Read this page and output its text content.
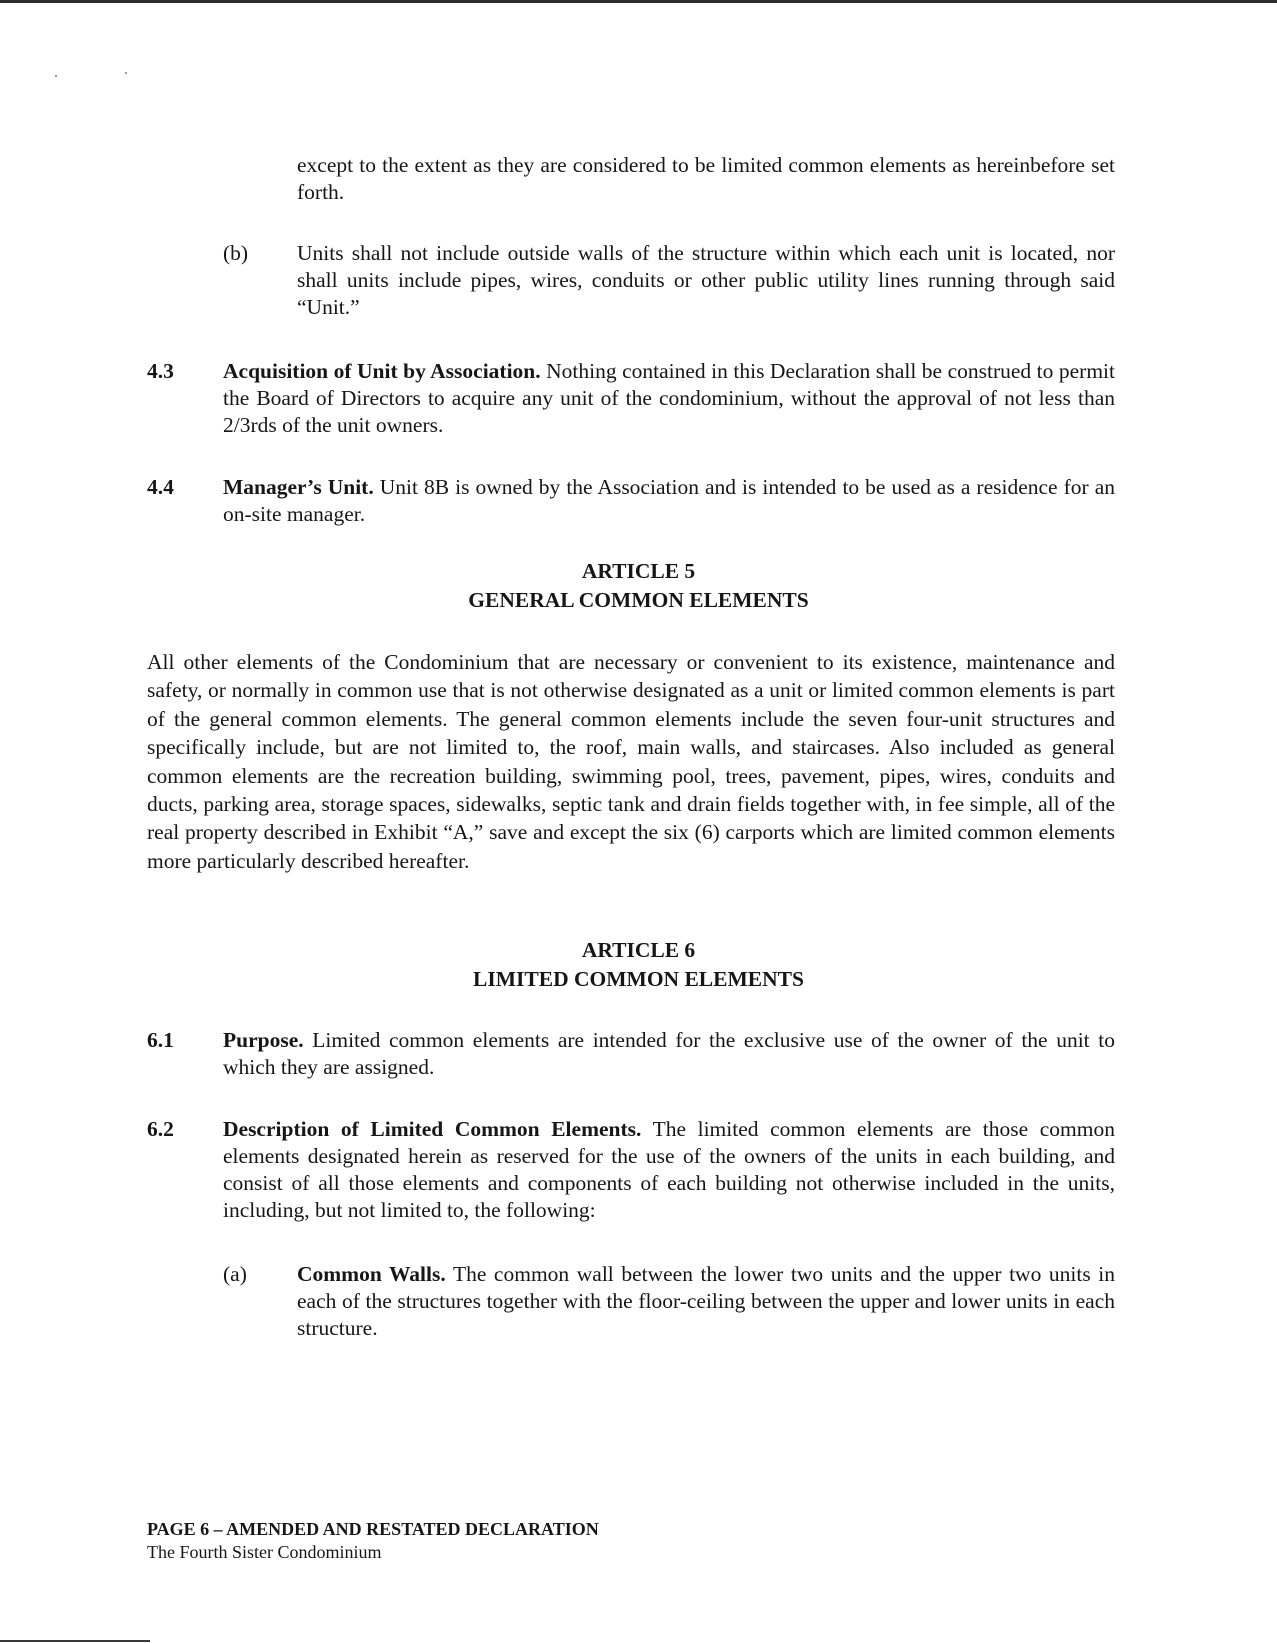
except to the extent as they are considered to be limited common elements as hereinbefore set forth.
(b) Units shall not include outside walls of the structure within which each unit is located, nor shall units include pipes, wires, conduits or other public utility lines running through said “Unit.”
4.3 Acquisition of Unit by Association. Nothing contained in this Declaration shall be construed to permit the Board of Directors to acquire any unit of the condominium, without the approval of not less than 2/3rds of the unit owners.
4.4 Manager’s Unit. Unit 8B is owned by the Association and is intended to be used as a residence for an on-site manager.
ARTICLE 5
GENERAL COMMON ELEMENTS
All other elements of the Condominium that are necessary or convenient to its existence, maintenance and safety, or normally in common use that is not otherwise designated as a unit or limited common elements is part of the general common elements. The general common elements include the seven four-unit structures and specifically include, but are not limited to, the roof, main walls, and staircases. Also included as general common elements are the recreation building, swimming pool, trees, pavement, pipes, wires, conduits and ducts, parking area, storage spaces, sidewalks, septic tank and drain fields together with, in fee simple, all of the real property described in Exhibit “A,” save and except the six (6) carports which are limited common elements more particularly described hereafter.
ARTICLE 6
LIMITED COMMON ELEMENTS
6.1 Purpose. Limited common elements are intended for the exclusive use of the owner of the unit to which they are assigned.
6.2 Description of Limited Common Elements. The limited common elements are those common elements designated herein as reserved for the use of the owners of the units in each building, and consist of all those elements and components of each building not otherwise included in the units, including, but not limited to, the following:
(a) Common Walls. The common wall between the lower two units and the upper two units in each of the structures together with the floor-ceiling between the upper and lower units in each structure.
PAGE 6 – AMENDED AND RESTATED DECLARATION
The Fourth Sister Condominium
